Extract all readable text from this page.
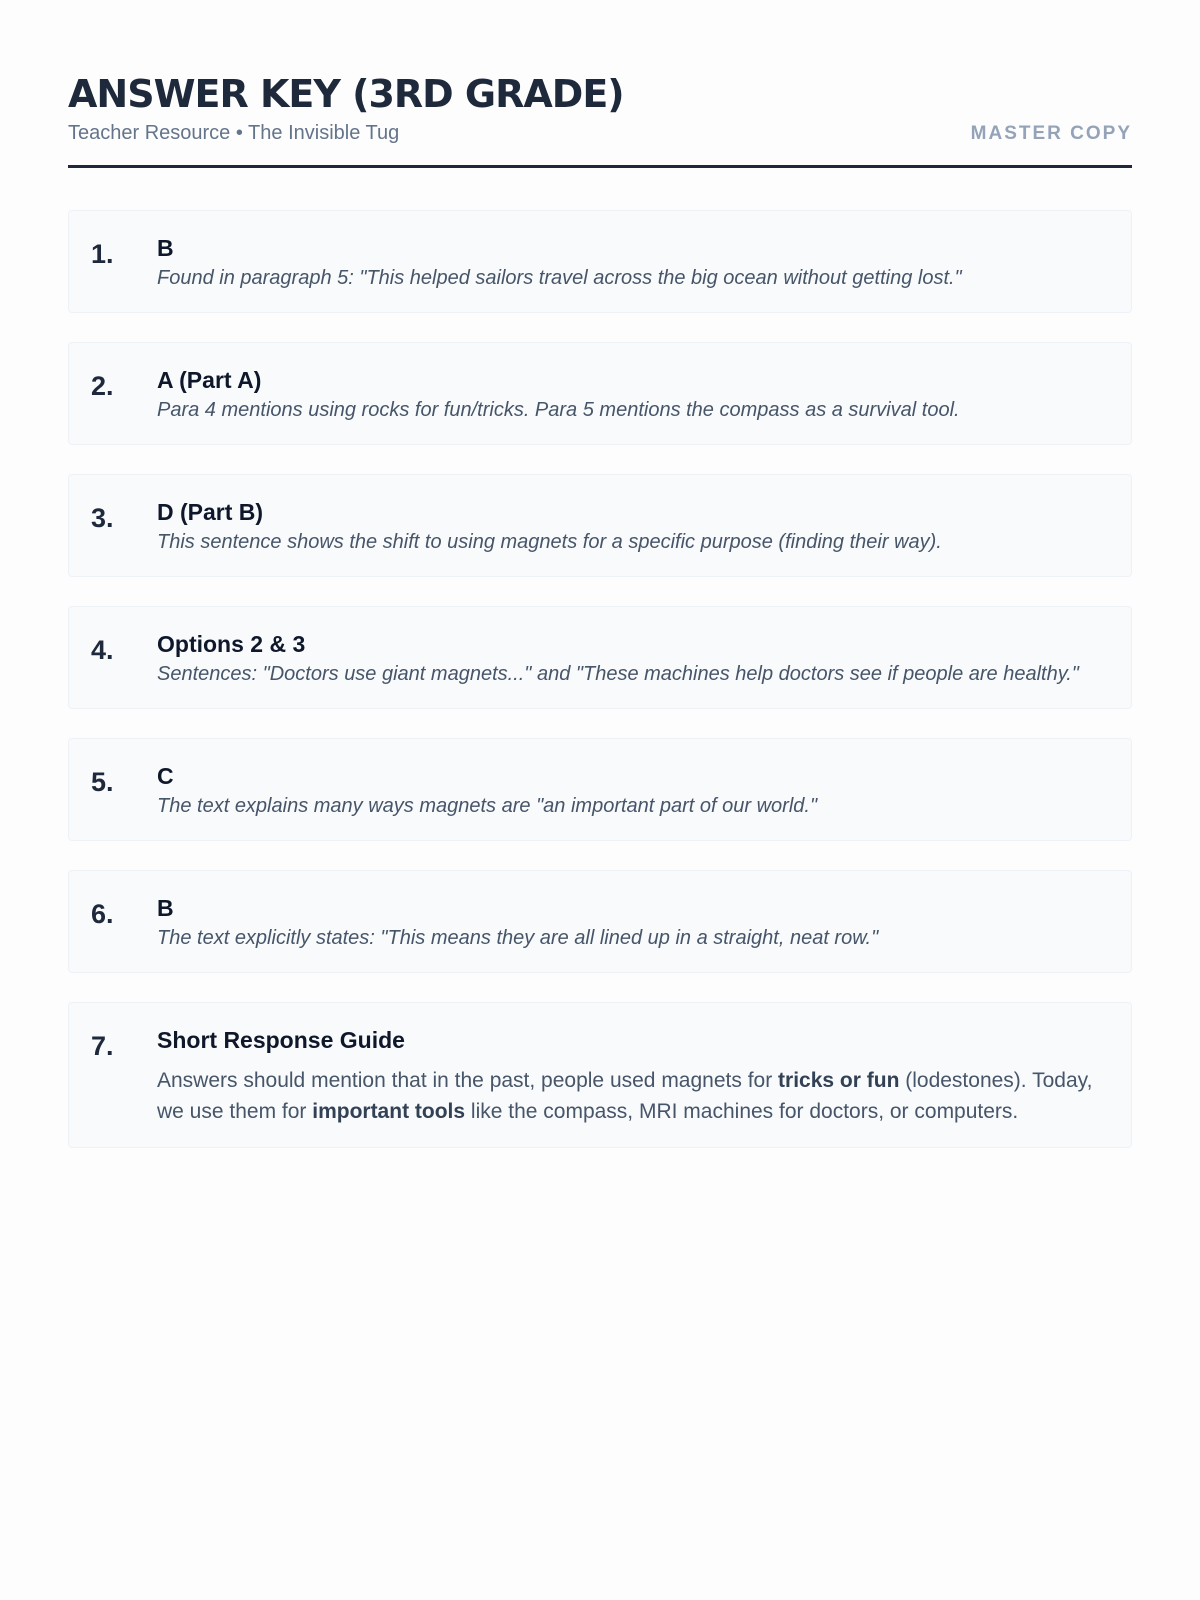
ANSWER KEY (3RD GRADE)
Teacher Resource • The Invisible Tug	MASTER COPY
1.	B
Found in paragraph 5: "This helped sailors travel across the big ocean without getting lost."
2.	A (Part A)
Para 4 mentions using rocks for fun/tricks. Para 5 mentions the compass as a survival tool.
3.	D (Part B)
This sentence shows the shift to using magnets for a specific purpose (finding their way).
4.	Options 2 & 3
Sentences: "Doctors use giant magnets..." and "These machines help doctors see if people are healthy."
5.	C
The text explains many ways magnets are "an important part of our world."
6.	B
The text explicitly states: "This means they are all lined up in a straight, neat row."
7.	Short Response Guide
Answers should mention that in the past, people used magnets for tricks or fun (lodestones). Today, we use them for important tools like the compass, MRI machines for doctors, or computers.
